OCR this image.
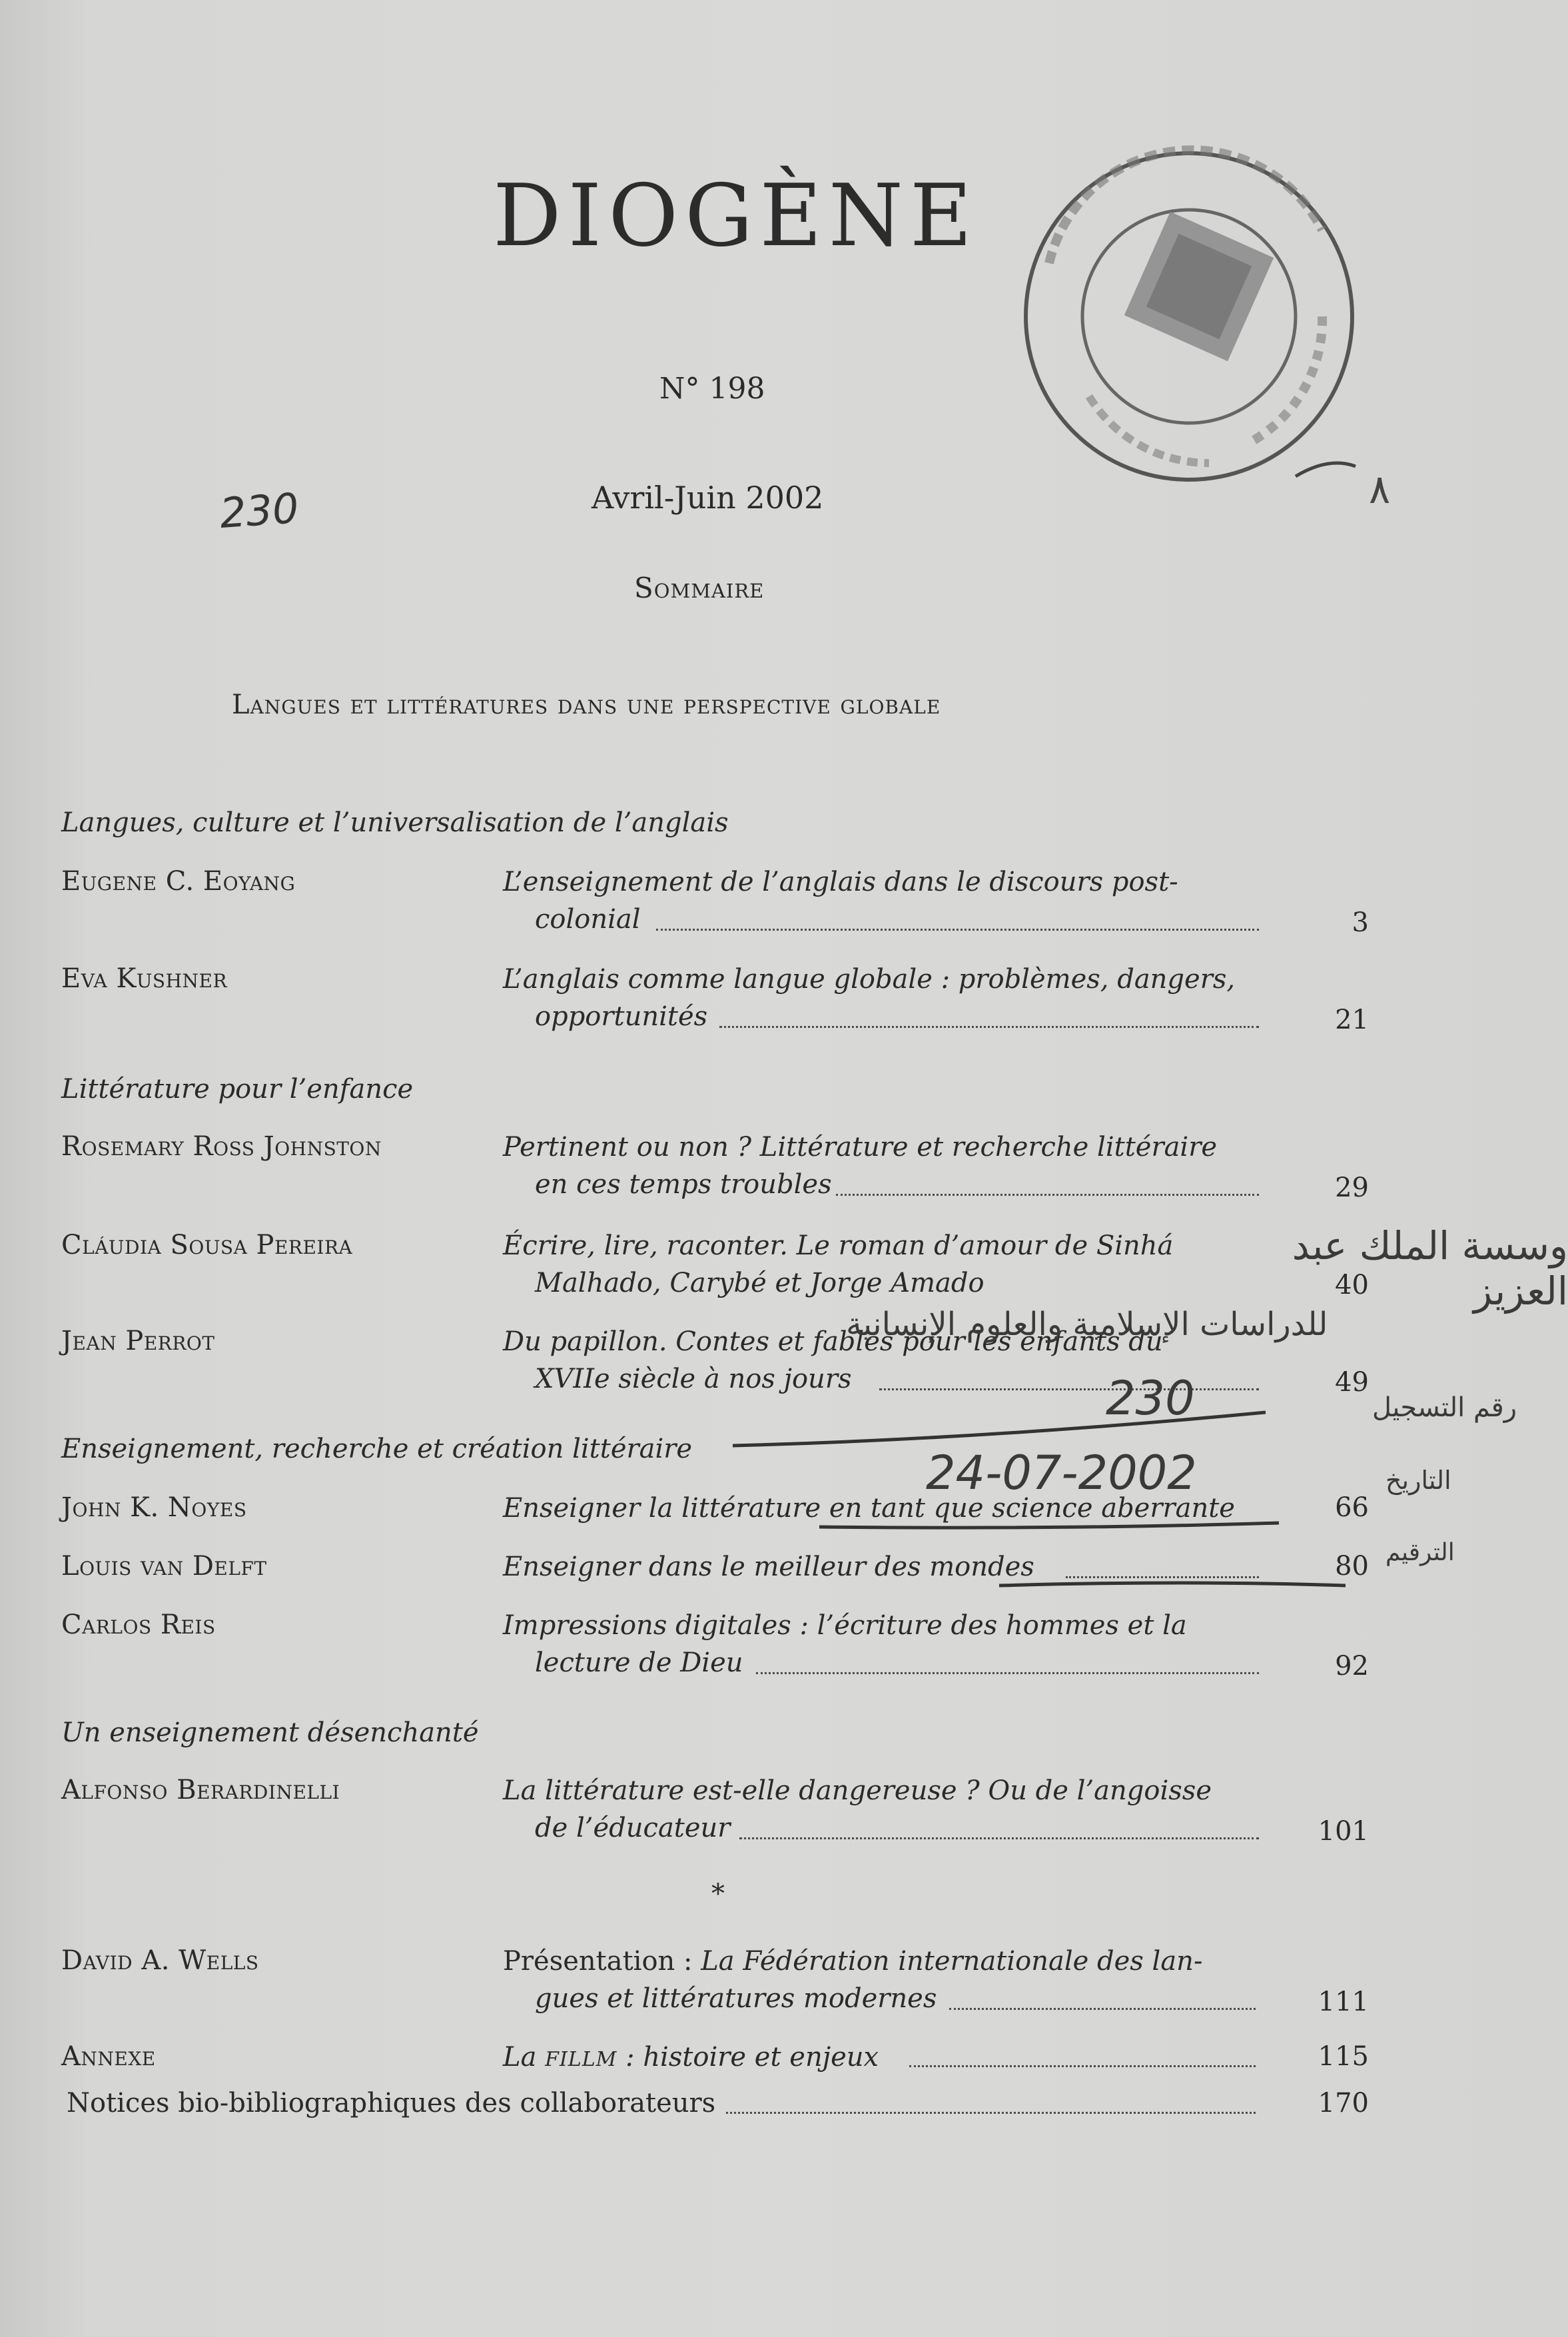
٨
DIOGÈNE
N° 198
Avril-Juin 2002
230
Sommaire
Langues et littératures dans une perspective globale
Langues, culture et l’universalisation de l’anglais
Eugene C. Eoyang	L’enseignement de l’anglais dans le discours post-
colonial	3
Eva Kushner	L’anglais comme langue globale : problèmes, dangers,
opportunités	21
Littérature pour l’enfance
Rosemary Ross Johnston	Pertinent ou non ? Littérature et recherche littéraire
en ces temps troubles	29
Cláudia Sousa Pereira	Écrire, lire, raconter. Le roman d’amour de Sinhá
Malhado, Carybé et Jorge Amado	40
Jean Perrot	Du papillon. Contes et fables pour les enfants du
XVIIe siècle à nos jours	49
Enseignement, recherche et création littéraire
John K. Noyes	Enseigner la littérature en tant que science aberrante	66
Louis van Delft	Enseigner dans le meilleur des mondes	80
Carlos Reis	Impressions digitales : l’écriture des hommes et la
lecture de Dieu	92
Un enseignement désenchanté
Alfonso Berardinelli	La littérature est-elle dangereuse ? Ou de l’angoisse
de l’éducateur	101
*
David A. Wells	Présentation : La Fédération internationale des lan-
gues et littératures modernes	111
Annexe	La FILLM : histoire et enjeux	115
Notices bio-bibliographiques des collaborateurs	170
وسسة الملك عبد العزيز
للدراسات الإسلامية والعلوم الإنسانية
رقم التسجيل
230
24-07-2002	التاريخ
الترقيم
